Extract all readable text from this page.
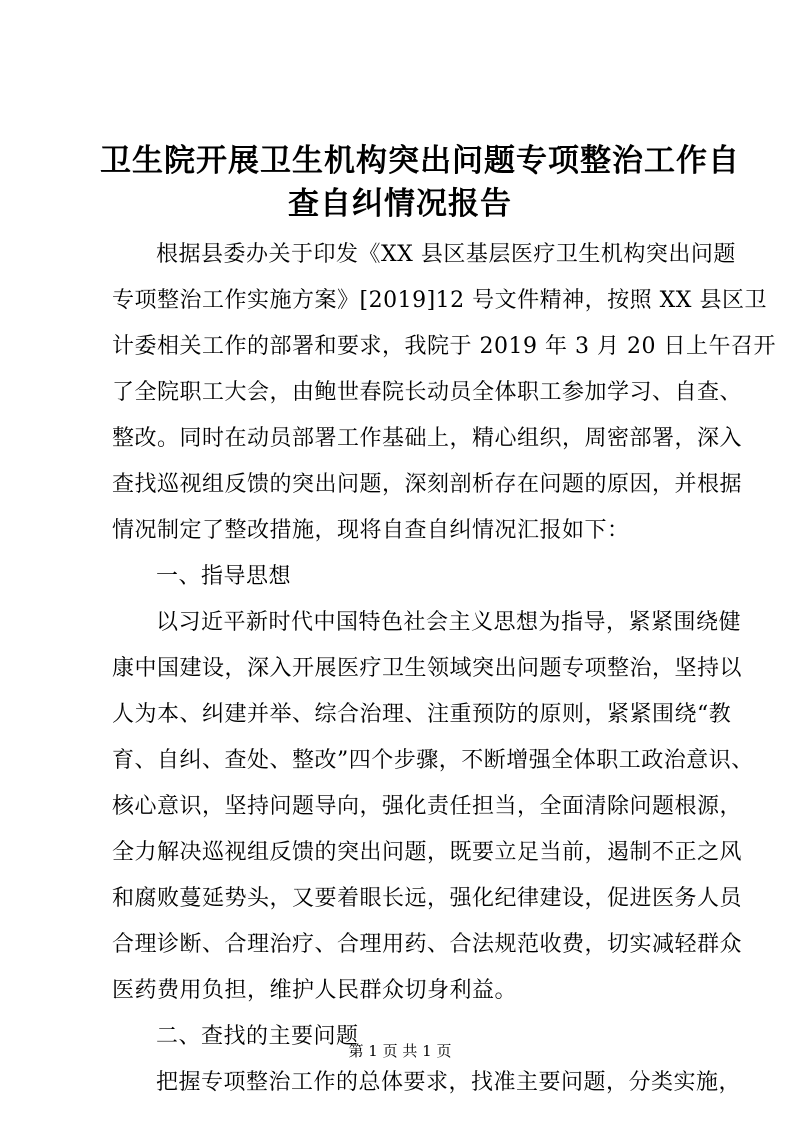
卫生院开展卫生机构突出问题专项整治工作自
查自纠情况报告
根据县委办关于印发《XX 县区基层医疗卫生机构突出问题
专项整治工作实施方案》[2019]12 号文件精神，按照 XX 县区卫
计委相关工作的部署和要求，我院于 2019 年 3 月 20 日上午召开
了全院职工大会，由鲍世春院长动员全体职工参加学习、自查、
整改。同时在动员部署工作基础上，精心组织，周密部署，深入
查找巡视组反馈的突出问题，深刻剖析存在问题的原因，并根据
情况制定了整改措施，现将自查自纠情况汇报如下：
一、指导思想
以习近平新时代中国特色社会主义思想为指导，紧紧围绕健
康中国建设，深入开展医疗卫生领域突出问题专项整治，坚持以
人为本、纠建并举、综合治理、注重预防的原则，紧紧围绕“教
育、自纠、查处、整改”四个步骤，不断增强全体职工政治意识、
核心意识，坚持问题导向，强化责任担当，全面清除问题根源，
全力解决巡视组反馈的突出问题，既要立足当前，遏制不正之风
和腐败蔓延势头，又要着眼长远，强化纪律建设，促进医务人员
合理诊断、合理治疗、合理用药、合法规范收费，切实减轻群众
医药费用负担，维护人民群众切身利益。
二、查找的主要问题
把握专项整治工作的总体要求，找准主要问题，分类实施，
第 1 页 共 1 页
